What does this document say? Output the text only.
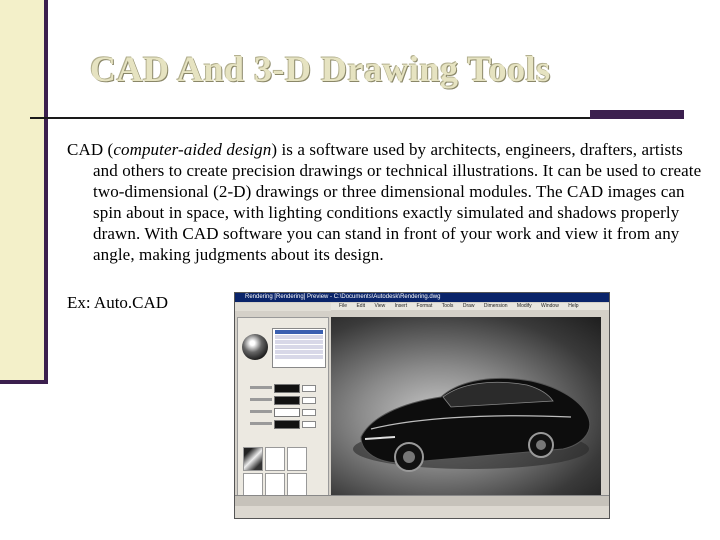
CAD And 3-D Drawing Tools

CAD (computer-aided design) is a software used by architects, engineers, drafters, artists and others to create precision drawings or technical illustrations. It can be used to create two-dimensional (2-D) drawings or three dimensional modules. The CAD images can spin about in space, with lighting conditions exactly simulated and shadows properly drawn. With CAD software you can stand in front of your work and view it from any angle, making judgments about its design.

Ex: Auto.CAD	Rendering [Rendering] Preview - C:\Documents\Autodesk\Rendering.dwg
File Edit View Insert Format Tools Draw Dimension Modify Window Help
